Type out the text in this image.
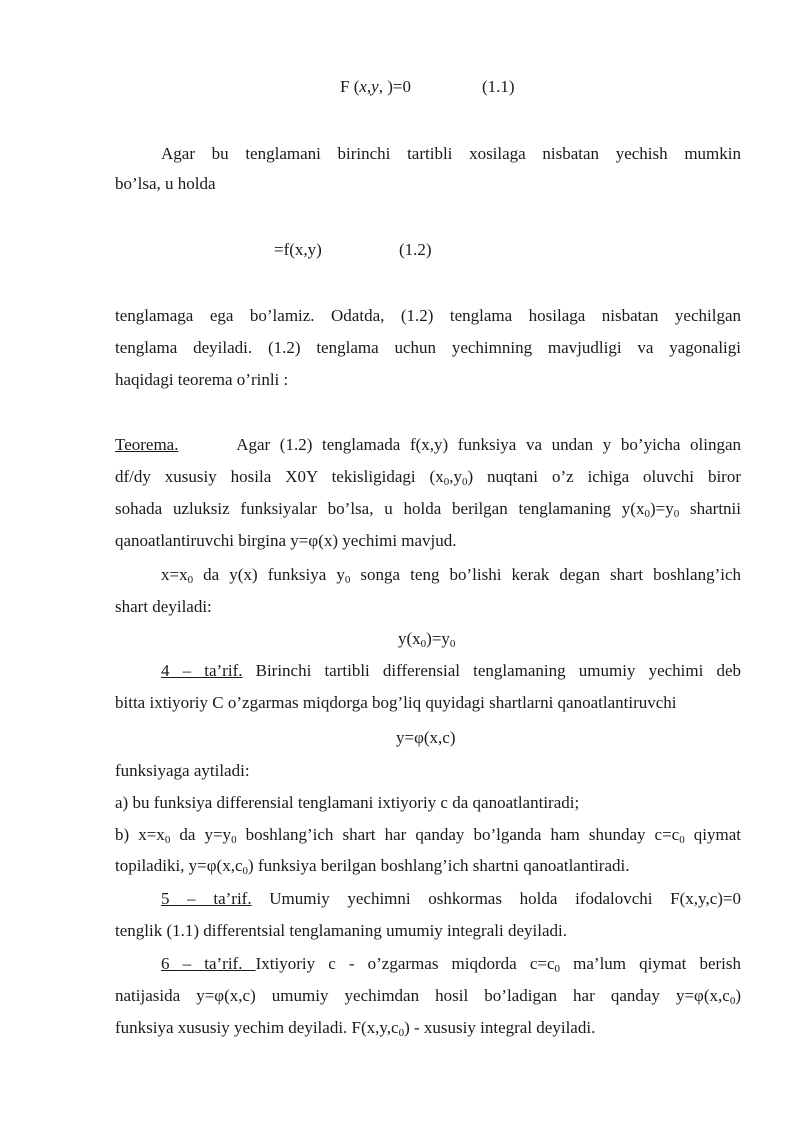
F (x,y, )=0	(1.1)
Agar bu tenglamani birinchi tartibli xosilaga nisbatan yechish mumkin
bo’lsa, u holda
=f(x,y)	(1.2)
tenglamaga ega bo’lamiz. Odatda, (1.2) tenglama hosilaga nisbatan yechilgan
tenglama deyiladi. (1.2) tenglama uchun yechimning mavjudligi va yagonaligi
haqidagi teorema o’rinli :
Teorema.	Agar (1.2) tenglamada f(x,y) funksiya va undan y bo’yicha olingan
df/dy xususiy hosila X0Y tekisligidagi $(x_0,y_0)$ nuqtani o’z ichiga oluvchi biror
sohada uzluksiz funksiyalar bo’lsa, u holda berilgan tenglamaning $y(x_0)=y_0$ shartnii
qanoatlantiruvchi birgina y=φ(x) yechimi mavjud.
$x=x_0$ da y(x) funksiya $y_0$ songa teng bo’lishi kerak degan shart boshlang’ich
shart deyiladi:
$y(x_0)=y_0$
4 – ta’rif. Birinchi tartibli differensial tenglamaning umumiy yechimi deb
bitta ixtiyoriy C o’zgarmas miqdorga bog’liq quyidagi shartlarni qanoatlantiruvchi
y=φ(x,c)
funksiyaga aytiladi:
a) bu funksiya differensial tenglamani ixtiyoriy c da qanoatlantiradi;
b) $x=x_0$ da $y=y_0$ boshlang’ich shart har qanday bo’lganda ham shunday $c=c_0$ qiymat
topiladiki, $y=\varphi(x,c_0)$ funksiya berilgan boshlang’ich shartni qanoatlantiradi.
5 – ta’rif. Umumiy yechimni oshkormas holda ifodalovchi F(x,y,c)=0
tenglik (1.1) differentsial tenglamaning umumiy integrali deyiladi.
6 – ta’rif. Ixtiyoriy c - o’zgarmas miqdorda $c=c_0$ ma’lum qiymat berish
natijasida y=φ(x,c) umumiy yechimdan hosil bo’ladigan har qanday $y=\varphi(x,c_0)$
funksiya xususiy yechim deyiladi. $F(x,y,c_0)$ - xususiy integral deyiladi.
